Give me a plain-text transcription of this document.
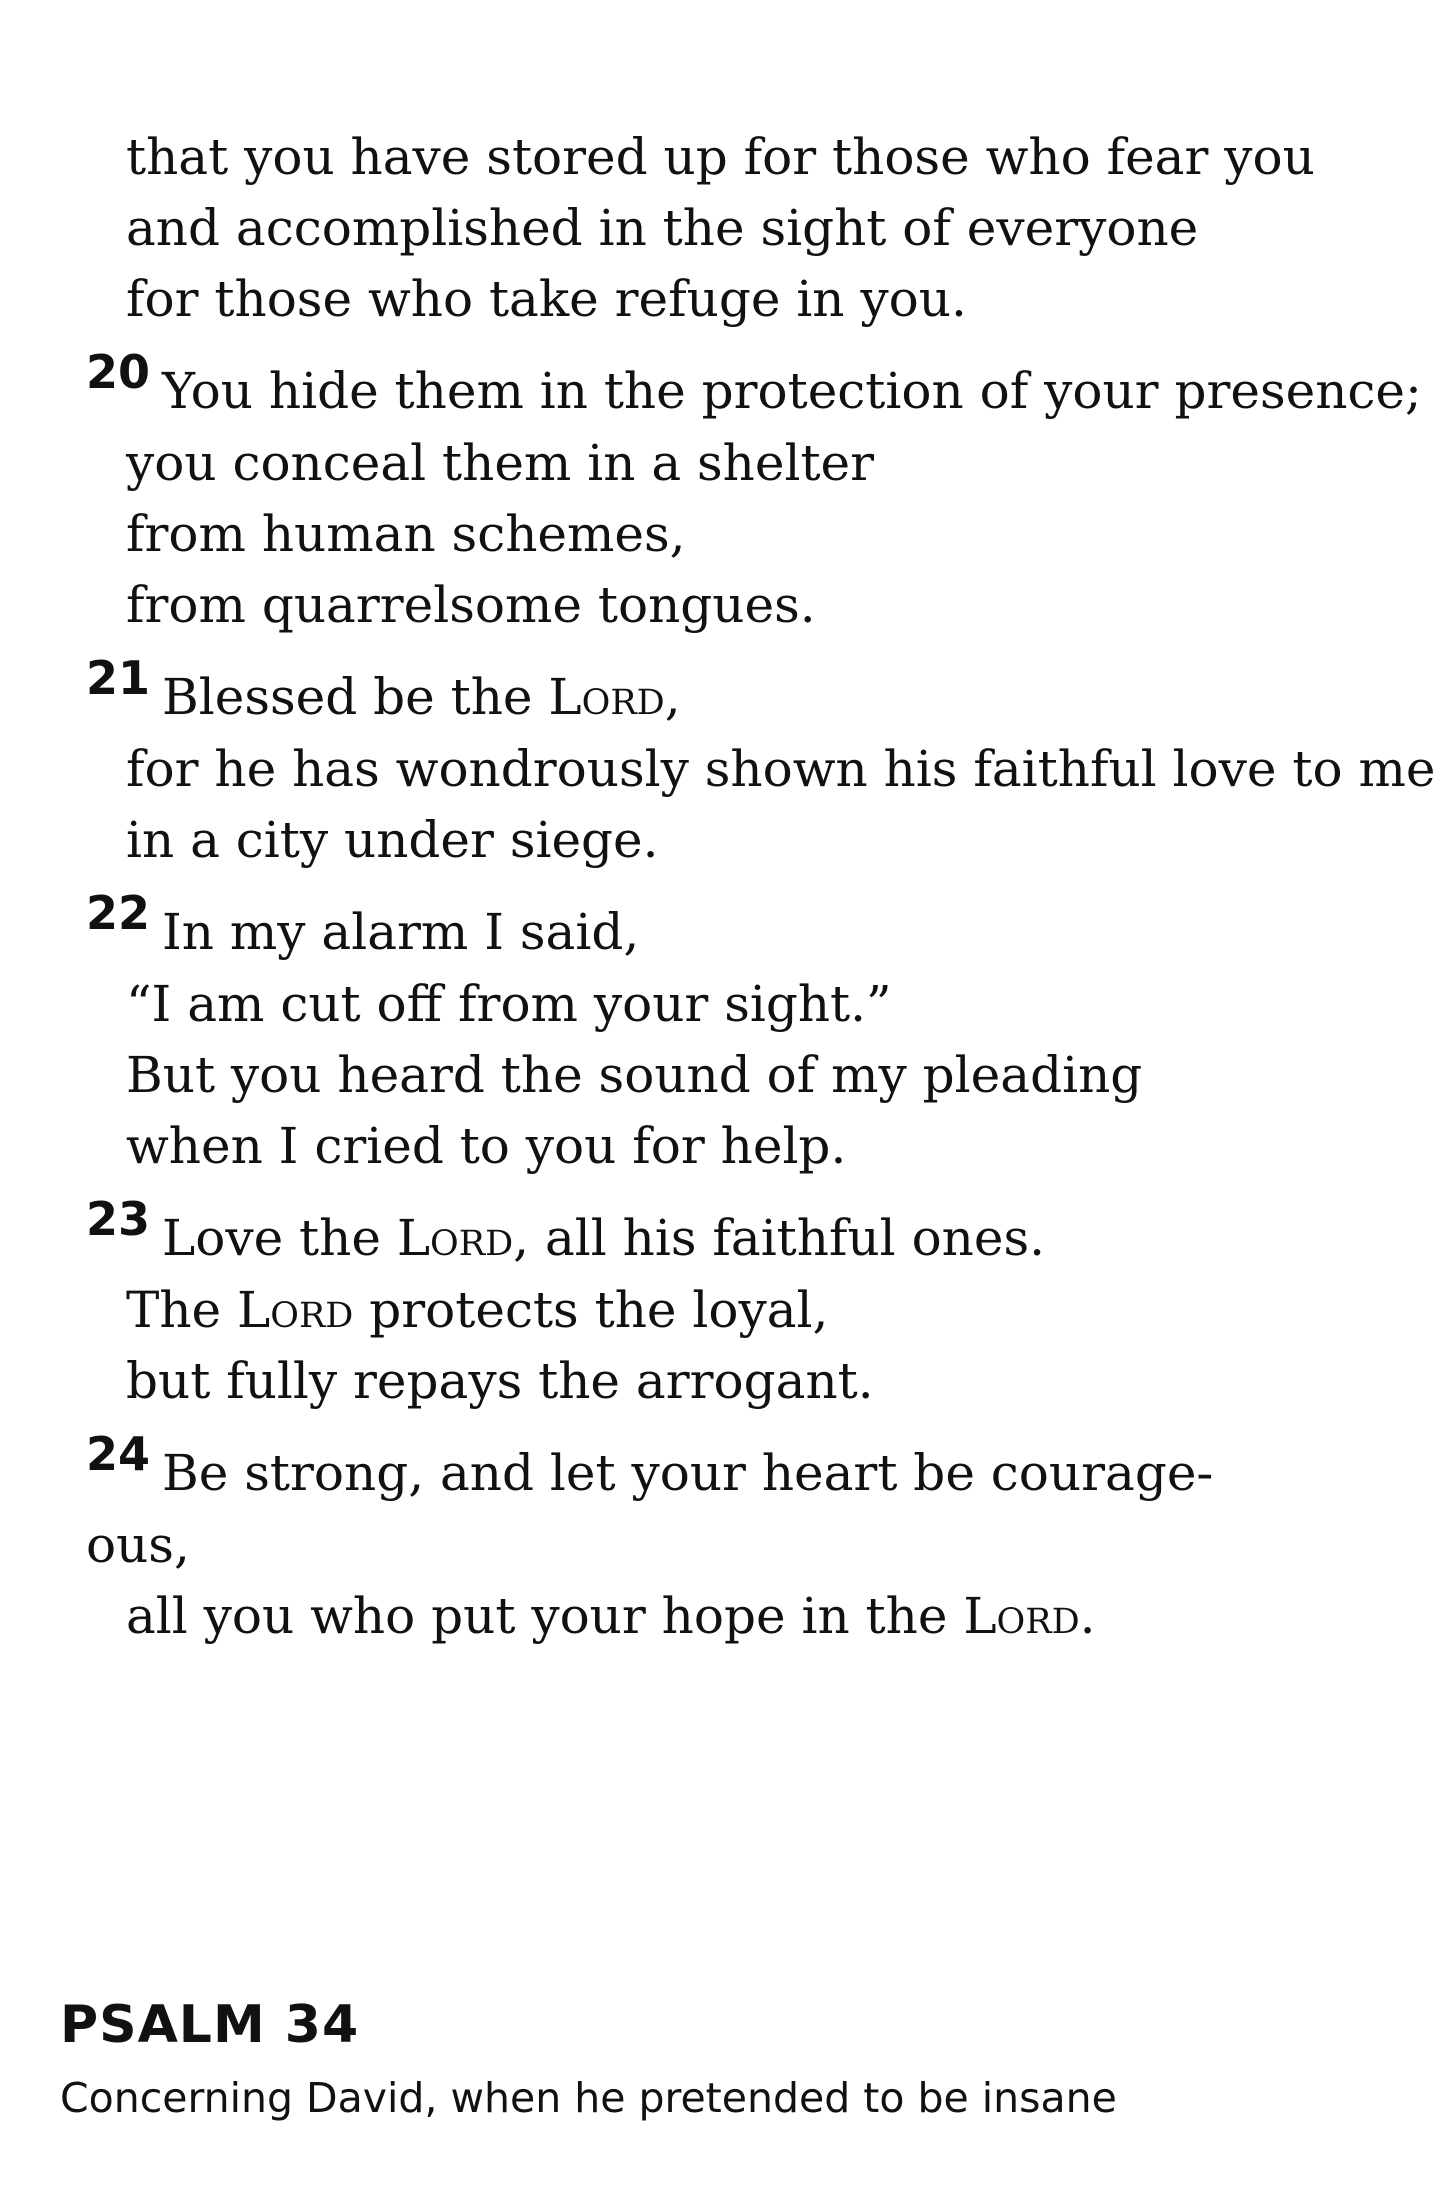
that you have stored up for those who fear you
and accomplished in the sight of everyone
for those who take refuge in you.
20 You hide them in the protection of your presence;
you conceal them in a shelter
from human schemes,
from quarrelsome tongues.
21 Blessed be the Lord,
for he has wondrously shown his faithful love to me
in a city under siege.
22 In my alarm I said,
“I am cut off from your sight.”
But you heard the sound of my pleading
when I cried to you for help.
23 Love the Lord, all his faithful ones.
The Lord protects the loyal,
but fully repays the arrogant.
24 Be strong, and let your heart be courage-
ous,
all you who put your hope in the Lord.
PSALM 34

Concerning David, when he pretended to be insane
